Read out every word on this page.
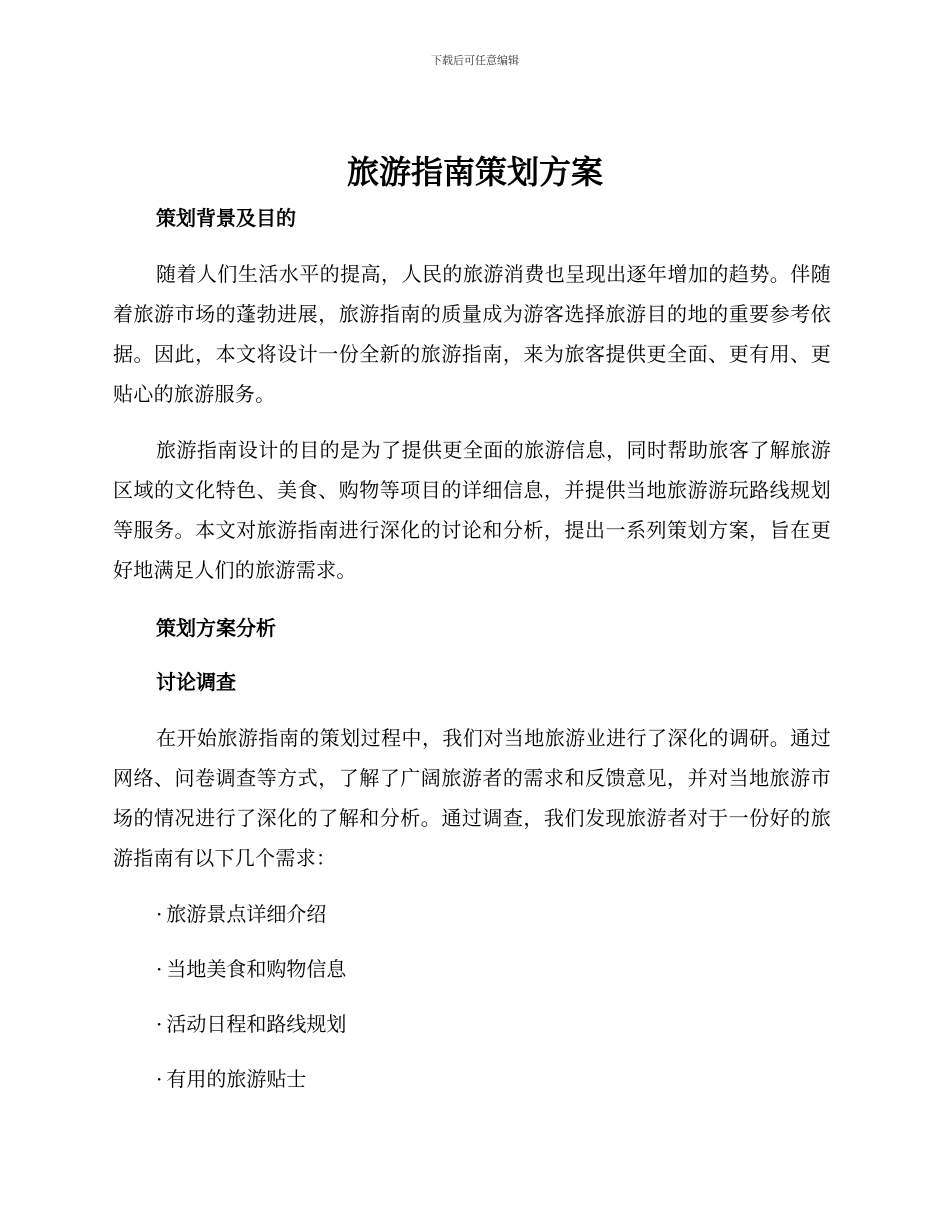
下载后可任意编辑
旅游指南策划方案
策划背景及目的

随着人们生活水平的提高，人民的旅游消费也呈现出逐年增加的趋势。伴随着旅游市场的蓬勃进展，旅游指南的质量成为游客选择旅游目的地的重要参考依据。因此，本文将设计一份全新的旅游指南，来为旅客提供更全面、更有用、更贴心的旅游服务。

旅游指南设计的目的是为了提供更全面的旅游信息，同时帮助旅客了解旅游区域的文化特色、美食、购物等项目的详细信息，并提供当地旅游游玩路线规划等服务。本文对旅游指南进行深化的讨论和分析，提出一系列策划方案，旨在更好地满足人们的旅游需求。

策划方案分析
讨论调查

在开始旅游指南的策划过程中，我们对当地旅游业进行了深化的调研。通过网络、问卷调查等方式，了解了广阔旅游者的需求和反馈意见，并对当地旅游市场的情况进行了深化的了解和分析。通过调查，我们发现旅游者对于一份好的旅游指南有以下几个需求：

· 旅游景点详细介绍

· 当地美食和购物信息

· 活动日程和路线规划

· 有用的旅游贴士
